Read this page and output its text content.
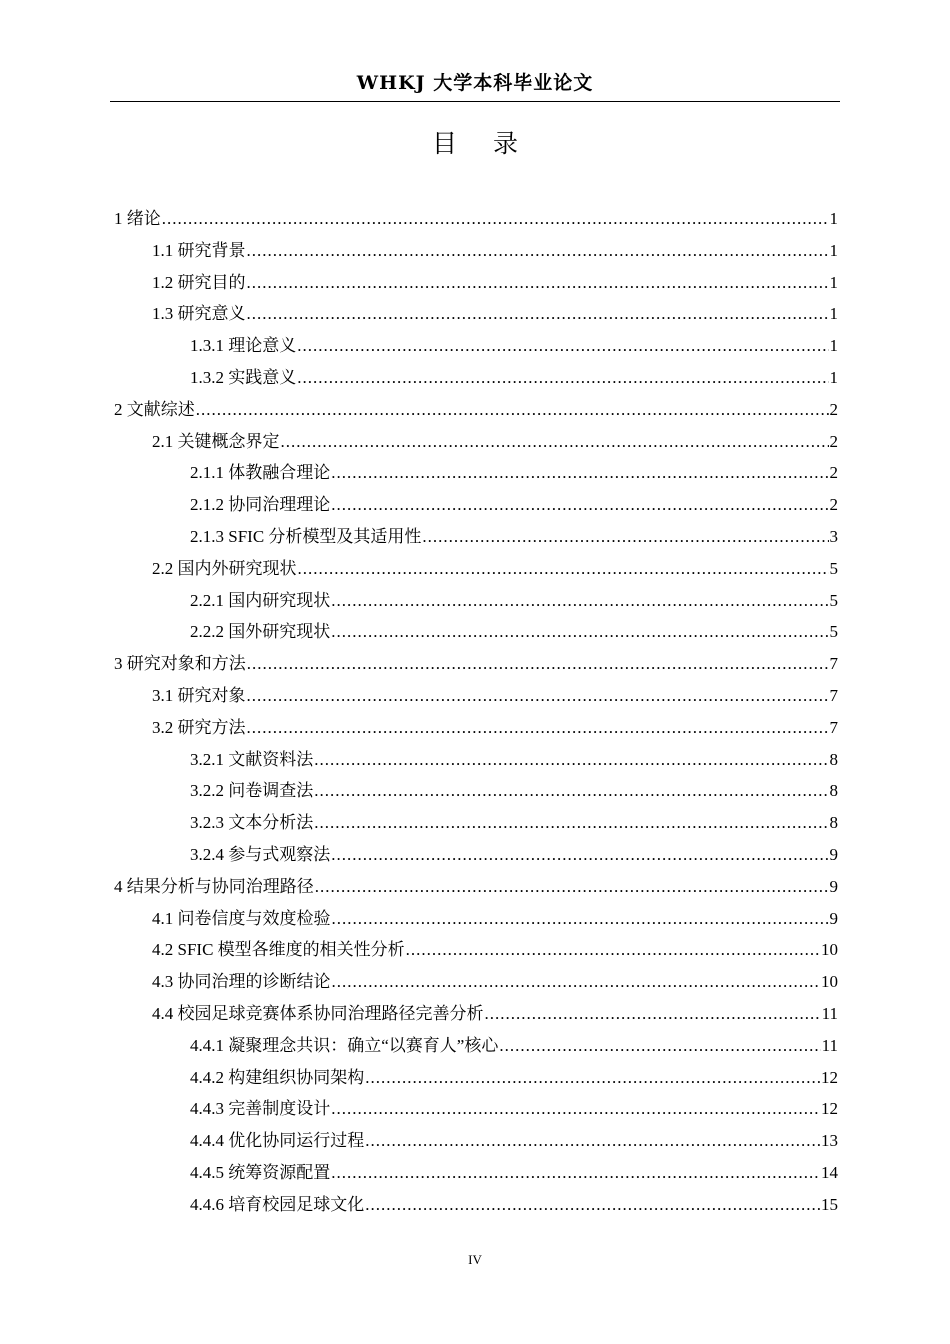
WHKJ 大学本科毕业论文
目 录
1 绪论 .....	1
1.1 研究背景 .....	1
1.2 研究目的 .....	1
1.3 研究意义 .....	1
1.3.1 理论意义 .....	1
1.3.2 实践意义 .....	1
2 文献综述 .....	2
2.1 关键概念界定 .....	2
2.1.1 体教融合理论 .....	2
2.1.2 协同治理理论 .....	2
2.1.3 SFIC 分析模型及其适用性 .....	3
2.2 国内外研究现状 .....	5
2.2.1 国内研究现状 .....	5
2.2.2 国外研究现状 .....	5
3 研究对象和方法 .....	7
3.1 研究对象 .....	7
3.2 研究方法 .....	7
3.2.1 文献资料法 .....	8
3.2.2 问卷调查法 .....	8
3.2.3 文本分析法 .....	8
3.2.4 参与式观察法 .....	9
4 结果分析与协同治理路径 .....	9
4.1 问卷信度与效度检验 .....	9
4.2 SFIC 模型各维度的相关性分析 .....	10
4.3 协同治理的诊断结论 .....	10
4.4 校园足球竞赛体系协同治理路径完善分析 .....	11
4.4.1 凝聚理念共识：确立“以赛育人”核心 .....	11
4.4.2 构建组织协同架构 .....	12
4.4.3 完善制度设计 .....	12
4.4.4 优化协同运行过程 .....	13
4.4.5 统筹资源配置 .....	14
4.4.6 培育校园足球文化 .....	15
IV
